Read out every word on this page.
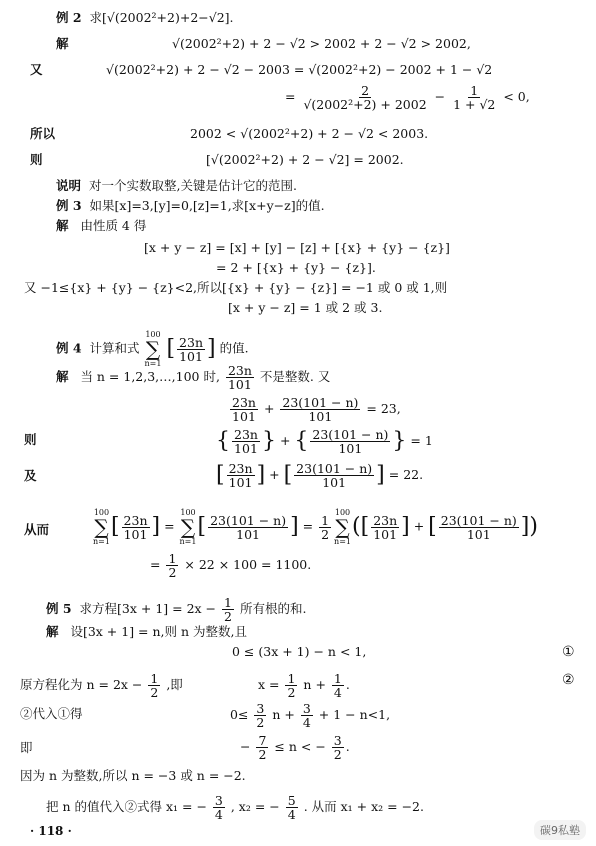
例 2 求[√(2002²+2)+2−√2].
解	√(2002²+2) + 2 − √2 > 2002 + 2 − √2 > 2002,
又	√(2002²+2) + 2 − √2 − 2003 = √(2002²+2) − 2002 + 1 − √2
= $\frac{2}{\text{√(2002²+2) + 2002}} - \frac{1}{1 + √2} < 0$,
所以	2002 < √(2002²+2) + 2 − √2 < 2003.
则	[√(2002²+2) + 2 − √2] = 2002.
说明 对一个实数取整,关键是估计它的范围.
例 3 如果[x]=3,[y]=0,[z]=1,求[x+y−z]的值.
解 由性质 4 得
[x + y − z] = [x] + [y] − [z] + [{x} + {y} − {z}]
= 2 + [{x} + {y} − {z}].
又 −1≤{x} + {y} − {z}<2,所以[{x} + {y} − {z}] = −1 或 0 或 1,则
[x + y − z] = 1 或 2 或 3.
例 4 计算和式
100
∑
n=1
[ $\frac{23n}{101}$ ] 的值.
解 当 n = 1,2,3,…,100 时, $\frac{23n}{101}$ 不是整数. 又
$\frac{23n}{101} + \frac{23(101 - n)}{101} = 23$,
则	{ $\frac{23n}{101}$ } + { $\frac{23(101 - n)}{101}$ } = 1
及	[ $\frac{23n}{101}$ ] + [ $\frac{23(101 - n)}{101}$ ] = 22.
从而
100
∑
n=1
[ $\frac{23n}{101}$ ] =
100
∑
n=1
[ $\frac{23(101 - n)}{101}$ ] = $\frac{1}{2}$
100
∑
n=1
([ $\frac{23n}{101}$ ] + [ $\frac{23(101 - n)}{101}$ ])
= $\frac{1}{2} \times 22 \times 100 = 1100$.
例 5 求方程$[3x + 1] = 2x - \frac{1}{2}$ 所有根的和.
解 设[3x + 1] = n,则 n 为整数,且
0 ≤ (3x + 1) − n < 1,	①
原方程化为 $n = 2x - \frac{1}{2}$ ,即	$x = \frac{1}{2}$ $n + \frac{1}{4}$ .	②
②代入①得	$0\le \frac{3}{2}$ $n + \frac{3}{4} + 1 - n<1$,
即	− $\frac{7}{2} \le n$ < − $\frac{3}{2}$ .
因为 n 为整数,所以 n = −3 或 n = −2.
把 n 的值代入②式得 x₁ = − $\frac{3}{4}$ , x₂ = − $\frac{5}{4}$ . 从而 x₁ + x₂ = −2.
· 118 ·	碳9私塾
